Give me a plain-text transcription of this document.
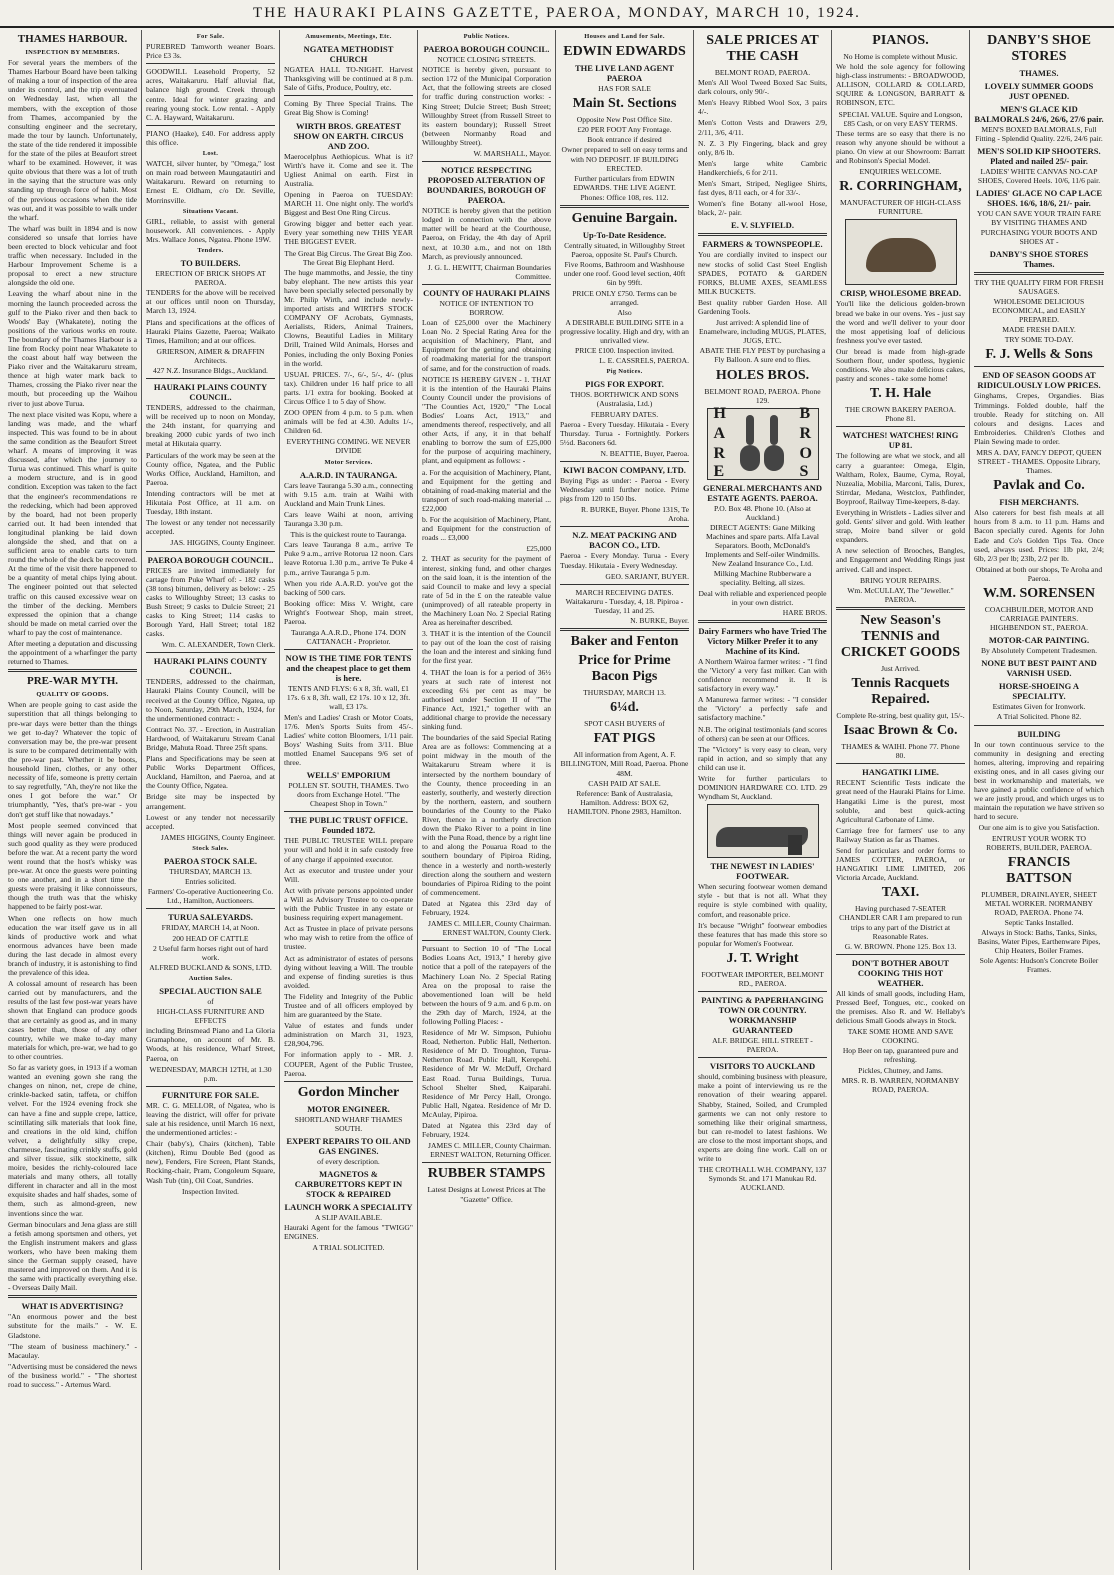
THE HAURAKI PLAINS GAZETTE, PAEROA, MONDAY, MARCH 10, 1924.
THAMES HARBOUR.
INSPECTION BY MEMBERS.
For several years the members of the Thames Harbour Board have been talking of making a tour of inspection of the area under its control, and the trip eventuated on Wednesday last, when all the members, with the exception of those from Thames, accompanied by the consulting engineer and the secretary, made the tour by launch. Unfortunately, the state of the tide rendered it impossible for the state of the piles at Beaufort street wharf to be examined. However, it was quite obvious that there was a lot of truth in the saying that the structure was only standing up through force of habit. Most of the previous occasions when the tide was out, and it was possible to walk under the wharf.
The wharf was built in 1894 and is now considered so unsafe that lorries have been erected to block vehicular and foot traffic when necessary. Included in the Harbour Improvement Scheme is a proposal to erect a new structure alongside the old one.
Leaving the wharf about nine in the morning the launch proceeded across the gulf to the Piako river and then back to Woods' Bay (Whakatete), noting the positions of the various works en route. The boundary of the Thames Harbour is a line from Rocky point near Whakatete to the coast about half way between the Piako river and the Waitakaruru stream, thence at high water mark back to Thames, crossing the Piako river near the mouth, but proceeding up the Waihou river to just above Turua.
The next place visited was Kopu, where a landing was made, and the wharf inspected. This was found to be in about the same condition as the Beaufort Street wharf. A means of improving it was discussed, after which the journey to Turua was continued. This wharf is quite a modern structure, and is in good condition. Exception was taken to the fact that the engineer's recommendations re the redecking, which had been approved by the board, had not been properly carried out. It had been intended that longitudinal planking be laid down alongside the shed, and that on a sufficient area to enable carts to turn round the whole of the deck be recovered. At the time of the visit there happened to be a quantity of metal chips lying about. The engineer pointed out that selected traffic on this caused excessive wear on the timber of the decking. Members expressed the opinion that a change should be made on metal carried over the wharf to pay the cost of maintenance.
After meeting a deputation and discussing the appointment of a wharfinger the party returned to Thames.
PRE-WAR MYTH.
QUALITY OF GOODS.
When are people going to cast aside the superstition that all things belonging to pre-war days were better than the things we get to-day? Whatever the topic of conversation may be, the pre-war present is sure to be compared detrimentally with the pre-war past. Whether it be boots, household linen, clothes, or any other necessity of life, someone is pretty certain to say regretfully, "Ah, they're not like the ones I got before the war." Or triumphantly, "Yes, that's pre-war - you don't get stuff like that nowadays."
Most people seemed convinced that things will never again be produced in such good quality as they were produced before the war. At a recent party the word went round that the host's whisky was pre-war. At once the guests were pointing to one another, and in a short time the guests were praising it like connoisseurs, though the truth was that the whisky happened to be fairly post-war.
When one reflects on how much education the war itself gave us in all kinds of productive work and what enormous advances have been made during the last decade in almost every branch of industry, it is astonishing to find the prevalence of this idea.
A colossal amount of research has been carried out by manufacturers, and the results of the last few post-war years have shown that England can produce goods that are certainly as good as, and in many cases better than, those of any other country, while we make to-day many materials for which, pre-war, we had to go to other countries.
So far as variety goes, in 1913 if a woman wanted an evening gown she rang the changes on ninon, net, crepe de chine, crinkle-backed satin, taffeta, or chiffon velvet. For the 1924 evening frock she can have a fine and supple crepe, lattice, scintillating silk materials that look fine, and creations in the old kind, chiffon velvet, a delightfully silky crepe, charmeuse, fascinating crinkly stuffs, gold and silver tissue, silk stockinette, silk moire, besides the richly-coloured lace materials and many others, all totally different in character and all in the most exquisite shades and half shades, some of them, such as almond-green, new inventions since the war.
German binoculars and Jena glass are still a fetish among sportsmen and others, yet the English instrument makers and glass workers, who have been making them since the German supply ceased, have mastered and improved on them. And it is the same with practically everything else. - Overseas Daily Mail.
WHAT IS ADVERTISING?
"An enormous power and the best substitute for the mails." - W. E. Gladstone.
"The steam of business machinery." - Macaulay.
"Advertising must be considered the news of the business world." - "The shortest road to success." - Artemus Ward.
For Sale.
PUREBRED Tamworth weaner Boars. Price £3 3s.
GOODWILL Leasehold Property, 52 acres, Waitakaruru. Half alluvial flat, balance high ground. Creek through centre. Ideal for winter grazing and rearing young stock. Low rental. - Apply C. A. Hayward, Waitakaruru.
PIANO (Haake), £40. For address apply this office.
Lost.
WATCH, silver hunter, by "Omega," lost on main road between Maungatautiri and Waitakaruru. Reward on returning to Ernest E. Oldham, c/o Dr. Seville, Morrinsville.
Situations Vacant.
GIRL, reliable, to assist with general housework. All conveniences. - Apply Mrs. Wallace Jones, Ngatea. Phone 19W.
Tenders.
TO BUILDERS.
ERECTION OF BRICK SHOPS AT PAEROA.
TENDERS for the above will be received at our offices until noon on Thursday, March 13, 1924.
Plans and specifications at the offices of Hauraki Plains Gazette, Paeroa; Waikato Times, Hamilton; and at our offices.
GRIERSON, AIMER & DRAFFIN Architects.
427 N.Z. Insurance Bldgs., Auckland.
HAURAKI PLAINS COUNTY COUNCIL.
TENDERS, addressed to the chairman, will be received up to noon on Monday, the 24th instant, for quarrying and breaking 2000 cubic yards of two inch metal at Hikutaia quarry.
Particulars of the work may be seen at the County office, Ngatea, and the Public Works Office, Auckland, Hamilton, and Paeroa.
Intending contractors will be met at Hikutaia Post Office, at 11 a.m. on Tuesday, 18th instant.
The lowest or any tender not necessarily accepted.
JAS. HIGGINS, County Engineer.
PAEROA BOROUGH COUNCIL.
PRICES are invited immediately for cartage from Puke Wharf of: - 182 casks (38 tons) bitumen, delivery as below: - 25 casks to Willoughby Street; 13 casks to Bush Street; 9 casks to Dulcie Street; 21 casks to King Street; 114 casks to Borough Yard, Hall Street; total 182 casks.
Wm. C. ALEXANDER, Town Clerk.
HAURAKI PLAINS COUNTY COUNCIL.
TENDERS, addressed to the chairman, Hauraki Plains County Council, will be received at the County Office, Ngatea, up to Noon, Saturday, 29th March, 1924, for the undermentioned contract: -
Contract No. 37. - Erection, in Australian Hardwood, of Waitakaruru Stream Canal Bridge, Mahuta Road. Three 25ft spans.
Plans and Specifications may be seen at Public Works Department Offices, Auckland, Hamilton, and Paeroa, and at the County Office, Ngatea.
Bridge site may be inspected by arrangement.
Lowest or any tender not necessarily accepted.
JAMES HIGGINS, County Engineer.
Stock Sales.
PAEROA STOCK SALE.
THURSDAY, MARCH 13.
Entries solicited.
Farmers' Co-operative Auctioneering Co. Ltd., Hamilton, Auctioneers.
TURUA SALEYARDS.
FRIDAY, MARCH 14, at Noon.
200 HEAD OF CATTLE
2 Useful farm horses right out of hard work.
ALFRED BUCKLAND & SONS, LTD.
Auction Sales.
SPECIAL AUCTION SALE
of
HIGH-CLASS FURNITURE AND EFFECTS
including Brinsmead Piano and La Gloria Gramaphone, on account of Mr. B. Woods, at his residence, Wharf Street, Paeroa, on
WEDNESDAY, MARCH 12TH, at 1.30 p.m.
FURNITURE FOR SALE.
MR. C. G. MELLOR, of Ngatea, who is leaving the district, will offer for private sale at his residence, until March 16 next, the undermentioned articles: -
Chair (baby's), Chairs (kitchen), Table (kitchen), Rimu Double Bed (good as new), Fenders, Fire Screen, Plant Stands, Rocking-chair, Pram, Congoleum Square, Wash Tub (tin), Oil Coat, Sundries.
Inspection Invited.
Amusements, Meetings, Etc.
NGATEA METHODIST CHURCH
NGATEA HALL TO-NIGHT. Harvest Thanksgiving will be continued at 8 p.m. Sale of Gifts, Produce, Poultry, etc.
Coming By Three Special Trains. The Great Big Show is Coming!
WIRTH BROS. GREATEST SHOW ON EARTH. CIRCUS AND ZOO.
Maerocelphus Aethiopicus. What is it? Wirth's have it. Come and see it. The Ugliest Animal on earth. First in Australia.
Opening in Paeroa on TUESDAY: MARCH 11. One night only. The world's Biggest and Best One Ring Circus.
Growing bigger and better each year. Every year something new THIS YEAR THE BIGGEST EVER.
The Great Big Circus. The Great Big Zoo. The Great Big Elephant Herd.
The huge mammoths, and Jessie, the tiny baby elephant. The new artists this year have been specially selected personally by Mr. Philip Wirth, and include newly-imported artists and WIRTH'S STOCK COMPANY OF Acrobats, Gymnasts, Aerialists, Riders, Animal Trainers, Clowns, Beautiful Ladies in Military Drill, Trained Wild Animals, Horses and Ponies, including the only Boxing Ponies in the world.
USUAL PRICES. 7/-, 6/-, 5/-, 4/- (plus tax). Children under 16 half price to all parts. 1/1 extra for booking. Booked at Circus Office 1 to 5 day of Show.
ZOO OPEN from 4 p.m. to 5 p.m. when animals will be fed at 4.30. Adults 1/-, Children 6d.
EVERYTHING COMING. WE NEVER DIVIDE
Motor Services.
A.A.R.D. IN TAURANGA.
Cars leave Tauranga 5.30 a.m., connecting with 9.15 a.m. train at Waihi with Auckland and Main Trunk Lines.
Cars leave Waihi at noon, arriving Tauranga 3.30 p.m.
This is the quickest route to Tauranga.
Cars leave Tauranga 8 a.m., arrive Te Puke 9 a.m., arrive Rotorua 12 noon. Cars leave Rotorua 1.30 p.m., arrive Te Puke 4 p.m., arrive Tauranga 5 p.m.
When you ride A.A.R.D. you've got the backing of 500 cars.
Booking office: Miss V. Wright, care Wright's Footwear Shop, main street, Paeroa.
Tauranga A.A.R.D., Phone 174. DON CATTANACH - Proprietor.
NOW IS THE TIME FOR TENTS and the cheapest place to get them is here.
TENTS AND FLYS: 6 x 8, 3ft. wall, £1 17s. 6 x 8, 3ft. wall, £2 17s. 10 x 12, 3ft. wall, £3 17s.
Men's and Ladies' Crash or Motor Coats, 17/6. Men's Sports Suits from 45/-. Ladies' white cotton Bloomers, 1/11 pair. Boys' Washing Suits from 3/11. Blue mottled Enamel Saucepans 9/6 set of three.
WELLS' EMPORIUM
POLLEN ST. SOUTH, THAMES. Two doors from Exchange Hotel. "The Cheapest Shop in Town."
THE PUBLIC TRUST OFFICE. Founded 1872.
THE PUBLIC TRUSTEE WILL prepare your will and hold it in safe custody free of any charge if appointed executor.
Act as executor and trustee under your Will.
Act with private persons appointed under a Will as Advisory Trustee to co-operate with the Public Trustee in any estate or business requiring expert management.
Act as Trustee in place of private persons who may wish to retire from the office of trustee.
Act as administrator of estates of persons dying without leaving a Will. The trouble and expense of finding sureties is thus avoided.
The Fidelity and Integrity of the Public Trustee and of all officers employed by him are guaranteed by the State.
Value of estates and funds under administration on March 31, 1923, £28,904,796.
For information apply to - MR. J. COUPER, Agent of the Public Trustee, Paeroa.
Gordon Mincher
MOTOR ENGINEER.
SHORTLAND WHARF THAMES SOUTH.
EXPERT REPAIRS TO OIL AND GAS ENGINES.
of every description.
MAGNETOS & CARBURETTORS KEPT IN STOCK & REPAIRED
LAUNCH WORK A SPECIALITY
A SLIP AVAILABLE.
Hauraki Agent for the famous "TWIGG" ENGINES.
A TRIAL SOLICITED.
Public Notices.
PAEROA BOROUGH COUNCIL.
NOTICE CLOSING STREETS.
NOTICE is hereby given, pursuant to section 172 of the Municipal Corporation Act, that the following streets are closed for traffic during construction works: - King Street; Dulcie Street; Bush Street; Willoughby Street (from Russell Street to its eastern boundary); Russell Street (between Normanby Road and Willoughby Street).
W. MARSHALL, Mayor.
NOTICE RESPECTING PROPOSED ALTERATION OF BOUNDARIES, BOROUGH OF PAEROA.
NOTICE is hereby given that the petition lodged in connection with the above matter will be heard at the Courthouse, Paeroa, on Friday, the 4th day of April next, at 10.30 a.m., and not on 18th March, as previously announced.
J. G. L. HEWITT, Chairman Boundaries Committee.
COUNTY OF HAURAKI PLAINS
NOTICE OF INTENTION TO BORROW.
Loan of £25,000 over the Machinery Loan No. 2 Special Rating Area for the acquisition of Machinery, Plant, and Equipment for the getting and obtaining of roadmaking material for the transport of same, and for the construction of roads.
NOTICE IS HEREBY GIVEN - 1. THAT it is the intention of the Hauraki Plains County Council under the provisions of "The Counties Act, 1920," "The Local Bodies' Loans Act, 1913," and amendments thereof, respectively, and all other Acts, if any, it in that behalf enabling to borrow the sum of £25,000 for the purpose of acquiring machinery, plant, and equipment as follows: -
a. For the acquisition of Machinery, Plant, and Equipment for the getting and obtaining of road-making material and the transport of such road-making material ... £22,000
b. For the acquisition of Machinery, Plant, and Equipment for the construction of roads ... £3,000
£25,000
2. THAT as security for the payment of interest, sinking fund, and other charges on the said loan, it is the intention of the said Council to make and levy a special rate of 5d in the £ on the rateable value (unimproved) of all rateable property in the Machinery Loan No. 2 Special Rating Area as hereinafter described.
3. THAT it is the intention of the Council to pay out of the loan the cost of raising the loan and the interest and sinking fund for the first year.
4. THAT the loan is for a period of 36½ years at such rate of interest not exceeding 6¼ per cent as may be authorised under Section II of "The Finance Act, 1921," together with an additional charge to provide the necessary sinking fund.
The boundaries of the said Special Rating Area are as follows: Commencing at a point midway in the mouth of the Waitakaruru Stream where it is intersected by the northern boundary of the County, thence proceeding in an easterly, southerly, and westerly direction by the northern, eastern, and southern boundaries of the County to the Piako River, thence in a northerly direction down the Piako River to a point in line with the Puna Road, thence by a right line to and along the Pouarua Road to the southern boundary of Pipiroa Riding, thence in a westerly and north-westerly direction along the southern and western boundaries of Pipiroa Riding to the point of commencement.
Dated at Ngatea this 23rd day of February, 1924.
JAMES C. MILLER, County Chairman. ERNEST WALTON, County Clerk.
Pursuant to Section 10 of "The Local Bodies Loans Act, 1913," I hereby give notice that a poll of the ratepayers of the Machinery Loan No. 2 Special Rating Area on the proposal to raise the abovementioned loan will be held between the hours of 9 a.m. and 6 p.m. on the 29th day of March, 1924, at the following Polling Places: -
Residence of Mr W. Simpson, Puhiohu Road, Netherton. Public Hall, Netherton. Residence of Mr D. Troughton, Turua-Netherton Road. Public Hall, Kerepehi. Residence of Mr W. McDuff, Orchard East Road. Turua Buildings, Turua. School Shelter Shed, Kaiparahi. Residence of Mr Percy Hall, Orongo. Public Hall, Ngatea. Residence of Mr D. McAulay, Pipiroa.
Dated at Ngatea this 23rd day of February, 1924.
JAMES C. MILLER, County Chairman. ERNEST WALTON, Returning Officer.
RUBBER STAMPS
Latest Designs at Lowest Prices at The "Gazette" Office.
Houses and Land for Sale.
EDWIN EDWARDS
THE LIVE LAND AGENT PAEROA
HAS FOR SALE
Main St. Sections
Opposite New Post Office Site.
£20 PER FOOT Any Frontage.
Book entrance if desired
Owner prepared to sell on easy terms and with NO DEPOSIT. IF BUILDING ERECTED.
Further particulars from EDWIN EDWARDS. THE LIVE AGENT.
Phones: Office 108, res. 112.
Genuine Bargain.
Up-To-Date Residence.
Centrally situated, in Willoughby Street Paeroa, opposite St. Paul's Church.
Five Rooms, Bathroom and Washhouse under one roof. Good level section, 40ft 6in by 99ft.
PRICE ONLY £750. Terms can be arranged.
Also
A DESIRABLE BUILDING SITE in a progressive locality. High and dry, with an unrivalled view.
PRICE £100. Inspection invited.
L. E. CASSRELS, PAEROA.
Pig Notices.
PIGS FOR EXPORT.
THOS. BORTHWICK AND SONS (Australasia, Ltd.)
FEBRUARY DATES.
Paeroa - Every Tuesday. Hikutaia - Every Thursday. Turua - Fortnightly. Porkers 5½d. Baconers 6d.
N. BEATTIE, Buyer, Paeroa.
KIWI BACON COMPANY, LTD.
Buying Pigs as under: - Paeroa - Every Wednesday until further notice. Prime pigs from 120 to 150 lbs.
R. BURKE, Buyer. Phone 131S, Te Aroha.
N.Z. MEAT PACKING AND BACON CO., LTD.
Paeroa - Every Monday. Turua - Every Tuesday. Hikutaia - Every Wednesday.
GEO. SARJANT, BUYER.
MARCH RECEIVING DATES. Waitakaruru - Tuesday, 4, 18. Pipiroa - Tuesday, 11 and 25.
N. BURKE, Buyer.
Baker and Fenton
Price for Prime Bacon Pigs
THURSDAY, MARCH 13.
6¼d.
SPOT CASH BUYERS of
FAT PIGS
All information from Agent, A. F. BILLINGTON, Mill Road, Paeroa. Phone 48M.
CASH PAID AT SALE.
Reference: Bank of Australasia, Hamilton. Address: BOX 62, HAMILTON. Phone 2983, Hamilton.
SALE PRICES AT THE CASH
BELMONT ROAD, PAEROA.
Men's All Wool Tweed Boxed Sac Suits, dark colours, only 90/-.
Men's Heavy Ribbed Wool Sox, 3 pairs 4/-.
Men's Cotton Vests and Drawers 2/9, 2/11, 3/6, 4/11.
N. Z. 3 Ply Fingering, black and grey only, 8/6 lb.
Men's large white Cambric Handkerchiefs, 6 for 2/11.
Men's Smart, Striped, Negligee Shirts, fast dyes, 8/11 each, or 4 for 33/-.
Women's fine Botany all-wool Hose, black, 2/- pair.
E. V. SLYFIELD.
FARMERS & TOWNSPEOPLE.
You are cordially invited to inspect our new stocks of solid Cast Steel English SPADES, POTATO & GARDEN FORKS, BLUME AXES, SEAMLESS MILK BUCKETS.
Best quality rubber Garden Hose. All Gardening Tools.
Just arrived: A splendid line of Enamelware, including MUGS, PLATES, JUGS, ETC.
ABATE THE FLY PEST by purchasing a Fly Balloon. A sure end to flies.
HOLES BROS.
BELMONT ROAD, PAEROA. Phone 129.
H
A
R
E
B
R
O
S
GENERAL MERCHANTS AND ESTATE AGENTS. PAEROA.
P.O. Box 48. Phone 10. (Also at Auckland.)
DIRECT AGENTS: Gane Milking Machines and spare parts. Alfa Laval Separators. Booth, McDonald's Implements and Self-oiler Windmills. New Zealand Insurance Co., Ltd.
Milking Machine Rubberware a speciality. Belting, all sizes.
Deal with reliable and experienced people in your own district.
HARE BROS.
Dairy Farmers who have Tried The Victory Milker Prefer it to any Machine of its Kind.
A Northern Wairoa farmer writes: - "I find the 'Victory' a very fast milker. Can with confidence recommend it. It is satisfactory in every way."
A Manurewa farmer writes: - "I consider the 'Victory' a perfectly safe and satisfactory machine."
N.B. The original testimonials (and scores of others) can be seen at our Offices.
The "Victory" is very easy to clean, very rapid in action, and so simply that any child can use it.
Write for further particulars to DOMINION HARDWARE CO. LTD. 29 Wyndham St, Auckland.
THE NEWEST IN LADIES' FOOTWEAR.
When securing footwear women demand style - but that is not all. What they require is style combined with quality, comfort, and reasonable price.
It's because "Wright" footwear embodies these features that has made this store so popular for Women's Footwear.
J. T. Wright
FOOTWEAR IMPORTER, BELMONT RD., PAEROA.
PAINTING & PAPERHANGING TOWN OR COUNTRY. WORKMANSHIP GUARANTEED
ALF. BRIDGE. HILL STREET - PAEROA.
VISITORS TO AUCKLAND
should, combining business with pleasure, make a point of interviewing us re the renovation of their wearing apparel. Shabby, Stained, Soiled, and Crumpled garments we can not only restore to something like their original smartness, but can re-model to latest fashions. We are close to the most important shops, and experts are doing fine work. Call on or write to
THE CROTHALL W.H. COMPANY, 137 Symonds St. and 171 Manukau Rd. AUCKLAND.
PIANOS.
No Home is complete without Music.
We hold the sole agency for following high-class instruments: - BROADWOOD, ALLISON, COLLARD & COLLARD, SQUIRE & LONGSON, BARRATT & ROBINSON, ETC.
SPECIAL VALUE. Squire and Longson, £85 Cash, or on very EASY TERMS.
These terms are so easy that there is no reason why anyone should be without a piano. On view at our Showroom: Barratt and Robinson's Special Model.
ENQUIRIES WELCOME.
R. CORRINGHAM,
MANUFACTURER OF HIGH-CLASS FURNITURE.
CRISP, WHOLESOME BREAD.
You'll like the delicious golden-brown bread we bake in our ovens. Yes - just say the word and we'll deliver to your door the most appetising loaf of delicious freshness you've ever tasted.
Our bread is made from high-grade Southern flour, under spotless, hygienic conditions. We also make delicious cakes, pastry and scones - take some home!
T. H. Hale
THE CROWN BAKERY PAEROA. Phone 81.
WATCHES! WATCHES! RING UP 81.
The following are what we stock, and all carry a guarantee: Omega, Elgin, Waltham, Rolex, Baume, Cyma, Royal, Nuzealia, Mobilia, Marconi, Talis, Durex, Stirrdar, Medana, Westclox, Pathfinder, Boyproof, Railway Time-keepers, 8-day.
Everything in Wristlets - Ladies silver and gold. Gents' silver and gold. With leather strap, Moire band silver or gold expanders.
A new selection of Brooches, Bangles, and Engagement and Wedding Rings just arrived. Call and inspect.
BRING YOUR REPAIRS.
Wm. McCULLAY, The "Jeweller." PAEROA.
New Season's TENNIS and CRICKET GOODS
Just Arrived.
Tennis Racquets Repaired.
Complete Re-string, best quality gut, 15/-.
Isaac Brown & Co.
THAMES & WAIHI. Phone 77. Phone 80.
HANGATIKI LIME.
RECENT Scientific Tests indicate the great need of the Hauraki Plains for Lime. Hangatiki Lime is the purest, most soluble, and best quick-acting Agricultural Carbonate of Lime.
Carriage free for farmers' use to any Railway Station as far as Thames.
Send for particulars and order forms to JAMES COTTER, PAEROA, or HANGATIKI LIME LIMITED, 206 Victoria Arcade, Auckland.
TAXI.
Having purchased 7-SEATER CHANDLER CAR I am prepared to run trips to any part of the District at Reasonable Rates.
G. W. BROWN. Phone 125. Box 13.
DON'T BOTHER ABOUT COOKING THIS HOT WEATHER.
All kinds of small goods, including Ham, Pressed Beef, Tongues, etc., cooked on the premises. Also R. and W. Hellaby's delicious Small Goods always in Stock.
TAKE SOME HOME AND SAVE COOKING.
Hop Beer on tap, guaranteed pure and refreshing.
Pickles, Chutney, and Jams.
MRS. R. B. WARREN, NORMANBY ROAD, PAEROA.
DANBY'S SHOE STORES
THAMES.
LOVELY SUMMER GOODS JUST OPENED.
MEN'S GLACE KID BALMORALS 24/6, 26/6, 27/6 pair.
MEN'S BOXED BALMORALS, Full Fitting - Splendid Quality. 22/6, 24/6 pair.
MEN'S SOLID KIP SHOOTERS. Plated and nailed 25/- pair.
LADIES' WHITE CANVAS NO-CAP SHOES, Covered Heels. 10/6, 11/6 pair.
LADIES' GLACE NO CAP LACE SHOES. 16/6, 18/6, 21/- pair.
YOU CAN SAVE YOUR TRAIN FARE BY VISITING THAMES AND PURCHASING YOUR BOOTS AND SHOES AT -
DANBY'S SHOE STORES Thames.
TRY THE QUALITY FIRM FOR FRESH SAUSAGES.
WHOLESOME DELICIOUS ECONOMICAL, and EASILY PREPARED.
MADE FRESH DAILY.
TRY SOME TO-DAY.
F. J. Wells & Sons
END OF SEASON GOODS AT RIDICULOUSLY LOW PRICES.
Ginghams, Crepes, Organdies. Bias Trimmings. Folded double, half the trouble. Ready for stitching on. All colours and designs. Laces and Embroideries. Children's Clothes and Plain Sewing made to order.
MRS A. DAY, FANCY DEPOT, QUEEN STREET - THAMES. Opposite Library, Thames.
Pavlak and Co.
FISH MERCHANTS.
Also caterers for best fish meals at all hours from 8 a.m. to 11 p.m. Hams and Bacon specially cured. Agents for John Eade and Co's Golden Tips Tea. Once used, always used. Prices: 1lb pkt, 2/4; 6lb, 2/3 per lb; 23lb, 2/2 per lb.
Obtained at both our shops, Te Aroha and Paeroa.
W.M. SORENSEN
COACHBUILDER, MOTOR AND CARRIAGE PAINTERS. HIGHBENDON ST., PAEROA.
MOTOR-CAR PAINTING.
By Absolutely Competent Tradesmen.
NONE BUT BEST PAINT AND VARNISH USED.
HORSE-SHOEING A SPECIALITY.
Estimates Given for Ironwork.
A Trial Solicited. Phone 82.
BUILDING
In our town continuous service to the community in designing and erecting homes, altering, improving and repairing existing ones, and in all cases giving our best in workmanship and materials, we have gained a public confidence of which we are justly proud, and which urges us to maintain the reputation we have striven so hard to secure.
Our one aim is to give you Satisfaction.
ENTRUST YOUR WORK TO ROBERTS, BUILDER, PAEROA.
FRANCIS BATTSON
PLUMBER, DRAINLAYER, SHEET METAL WORKER. NORMANBY ROAD, PAEROA. Phone 74.
Septic Tanks Installed.
Always in Stock: Baths, Tanks, Sinks, Basins, Water Pipes, Earthenware Pipes, Chip Heaters, Boiler Frames.
Sole Agents: Hudson's Concrete Boiler Frames.
